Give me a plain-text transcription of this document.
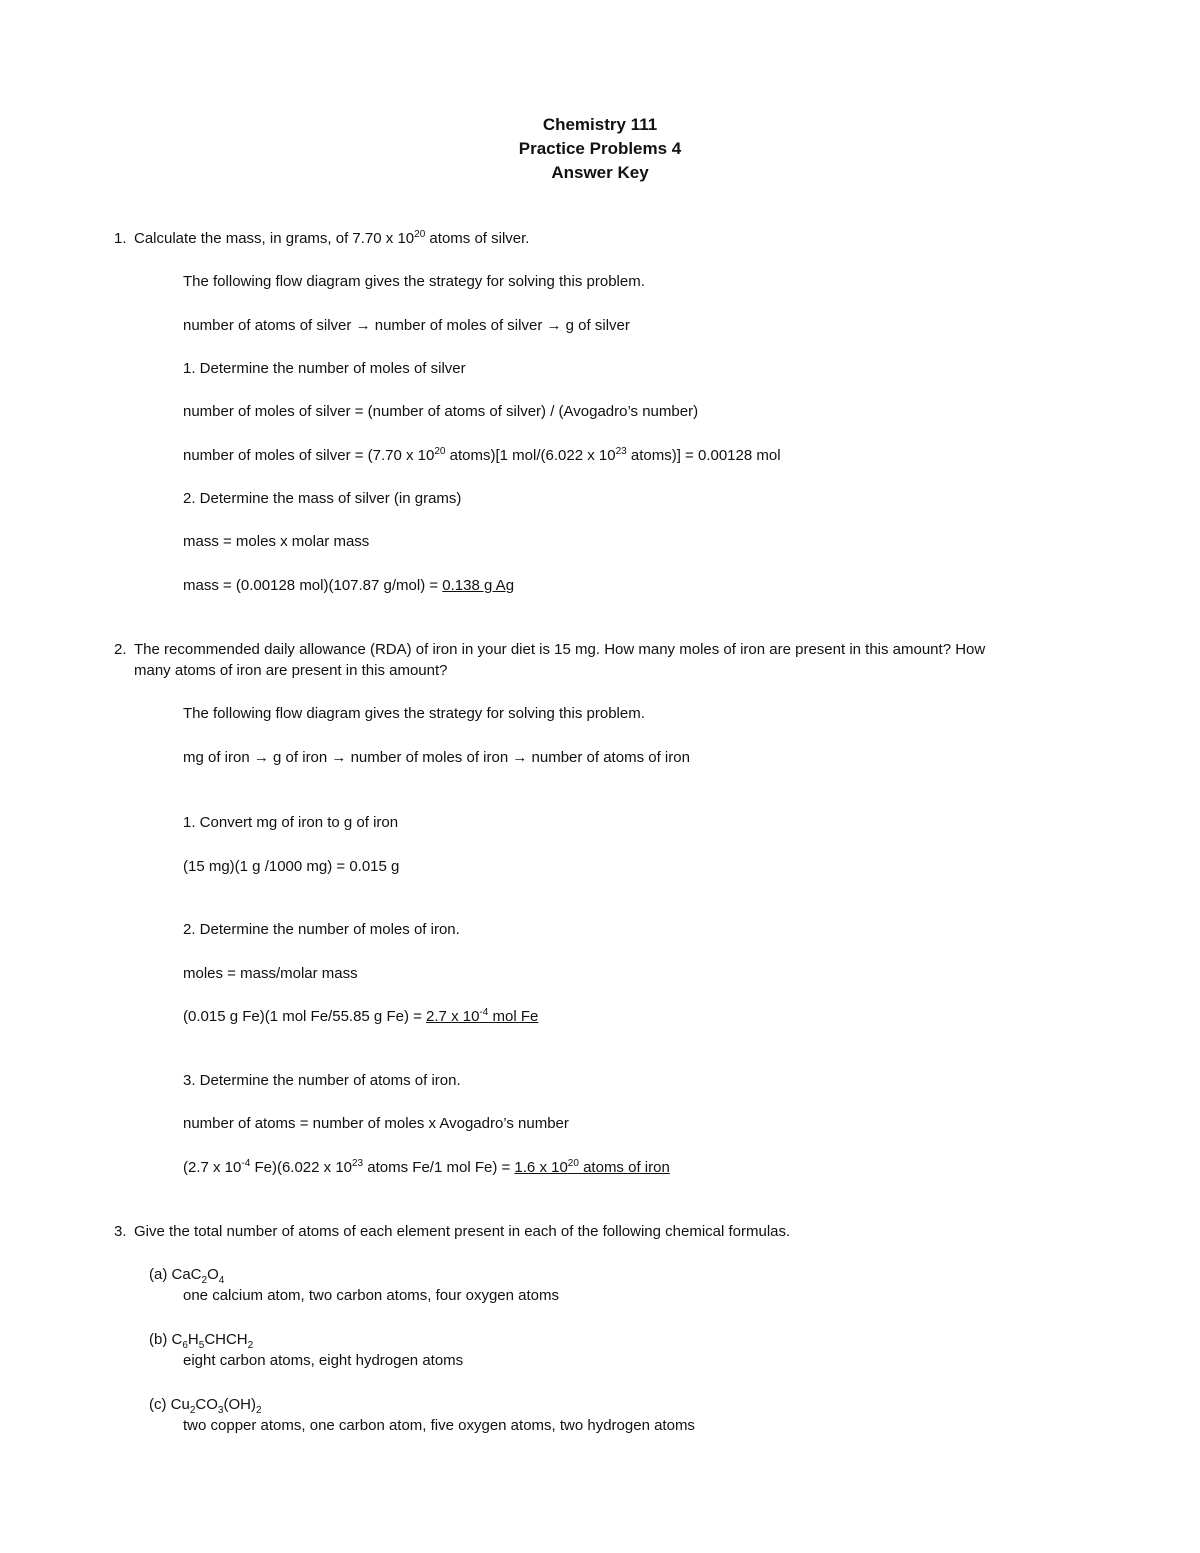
Chemistry 111
Practice Problems 4
Answer Key
1. Calculate the mass, in grams, of 7.70 x $10^{20}$ atoms of silver.
The following flow diagram gives the strategy for solving this problem.
number of atoms of silver → number of moles of silver → g of silver
1. Determine the number of moles of silver
number of moles of silver = (number of atoms of silver) / (Avogadro’s number)
number of moles of silver = (7.70 x $10^{20}$ atoms)[1 mol/(6.022 x $10^{23}$ atoms)] = 0.00128 mol
2. Determine the mass of silver (in grams)
mass = moles x molar mass
mass = (0.00128 mol)(107.87 g/mol) = 0.138 g Ag
2. The recommended daily allowance (RDA) of iron in your diet is 15 mg. How many moles of iron are present in this amount? How
many atoms of iron are present in this amount?
The following flow diagram gives the strategy for solving this problem.
mg of iron → g of iron → number of moles of iron → number of atoms of iron
1. Convert mg of iron to g of iron
(15 mg)(1 g /1000 mg) = 0.015 g
2. Determine the number of moles of iron.
moles = mass/molar mass
(0.015 g Fe)(1 mol Fe/55.85 g Fe) = 2.7 x $10^{-4}$ mol Fe
3. Determine the number of atoms of iron.
number of atoms = number of moles x Avogadro’s number
(2.7 x $10^{-4}$ Fe)(6.022 x $10^{23}$ atoms Fe/1 mol Fe) = 1.6 x $10^{20}$ atoms of iron
3. Give the total number of atoms of each element present in each of the following chemical formulas.
(a) $CaC_2O_4$
one calcium atom, two carbon atoms, four oxygen atoms
(b) $C_6H_5CHCH_2$
eight carbon atoms, eight hydrogen atoms
(c) $Cu_2CO_3(OH)_2$
two copper atoms, one carbon atom, five oxygen atoms, two hydrogen atoms
